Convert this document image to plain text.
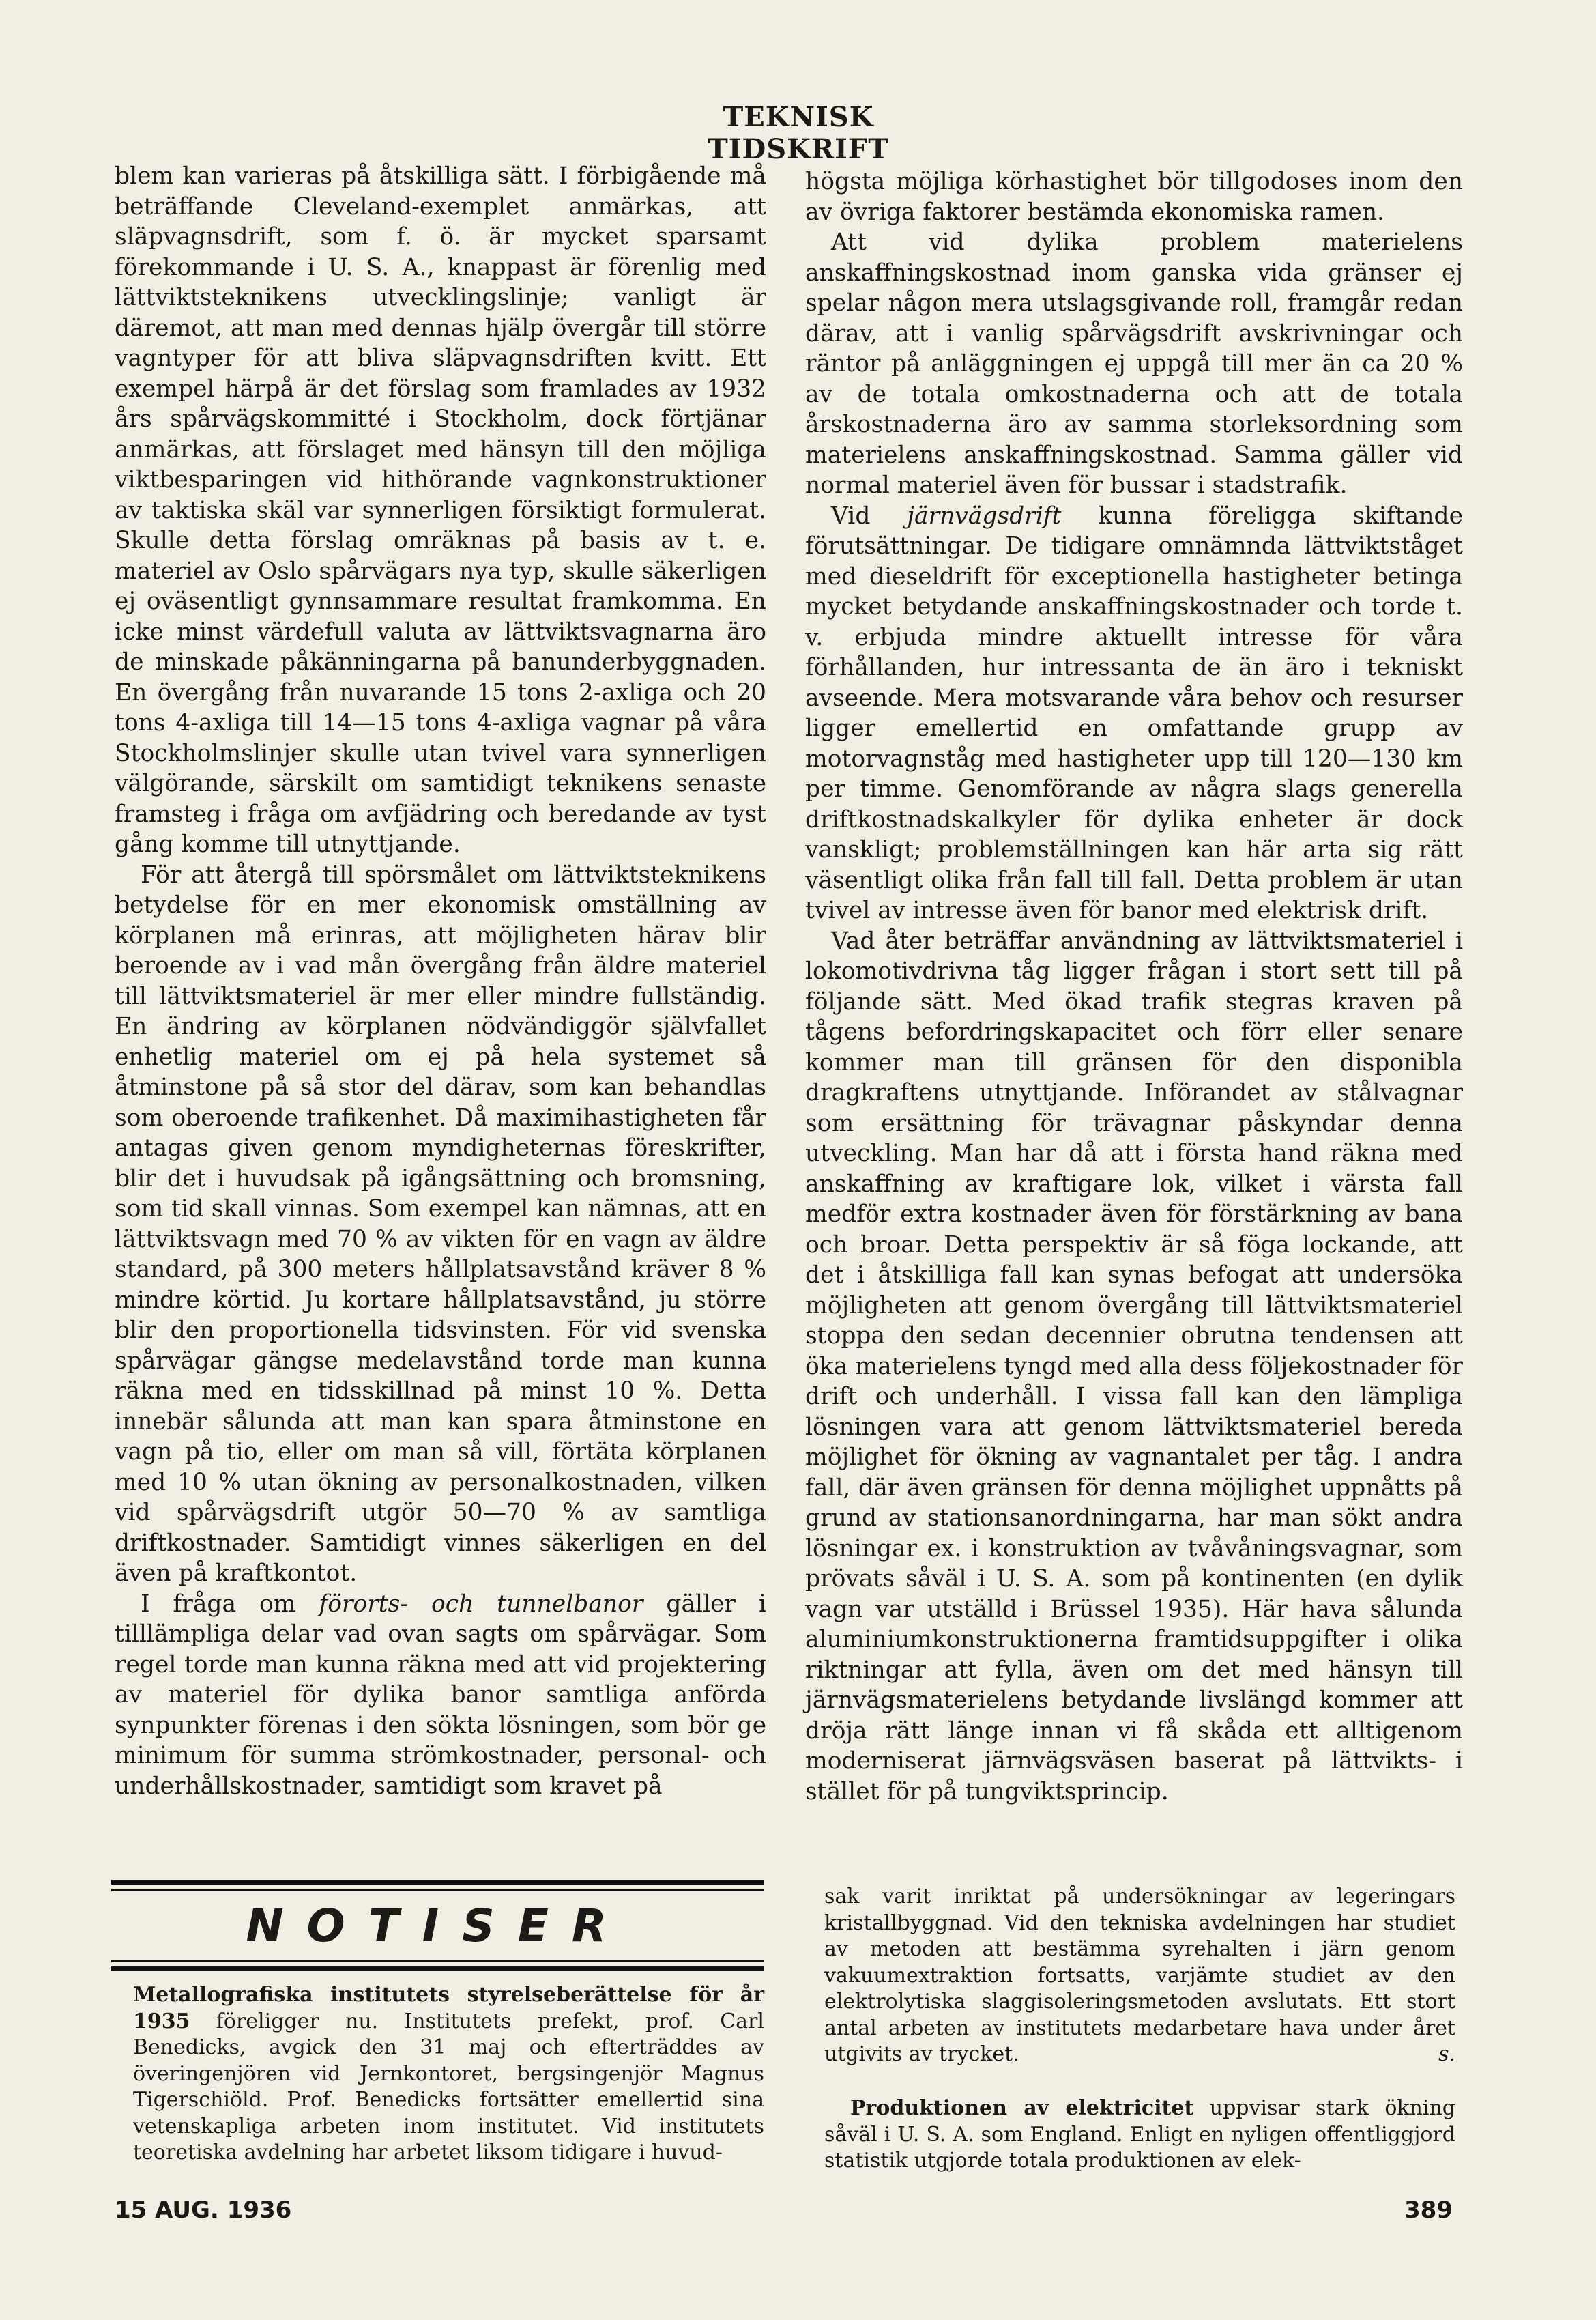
TEKNISK TIDSKRIFT

blem kan varieras på åtskilliga sätt. I förbigående må beträffande Cleveland-exemplet anmärkas, att släpvagnsdrift, som f. ö. är mycket sparsamt förekommande i U. S. A., knappast är förenlig med lättviktsteknikens utvecklingslinje; vanligt är däremot, att man med dennas hjälp övergår till större vagntyper för att bliva släpvagnsdriften kvitt. Ett exempel härpå är det förslag som framlades av 1932 års spårvägskommitté i Stockholm, dock förtjänar anmärkas, att förslaget med hänsyn till den möjliga viktbesparingen vid hithörande vagnkonstruktioner av taktiska skäl var synnerligen försiktigt formulerat. Skulle detta förslag omräknas på basis av t. e. materiel av Oslo spårvägars nya typ, skulle säkerligen ej oväsentligt gynnsammare resultat framkomma. En icke minst värdefull valuta av lättviktsvagnarna äro de minskade påkänningarna på banunderbyggnaden. En övergång från nuvarande 15 tons 2-axliga och 20 tons 4-axliga till 14—15 tons 4-axliga vagnar på våra Stockholmslinjer skulle utan tvivel vara synnerligen välgörande, särskilt om samtidigt teknikens senaste framsteg i fråga om avfjädring och beredande av tyst gång komme till utnyttjande.

För att återgå till spörsmålet om lättviktsteknikens betydelse för en mer ekonomisk omställning av körplanen må erinras, att möjligheten härav blir beroende av i vad mån övergång från äldre materiel till lättviktsmateriel är mer eller mindre fullständig. En ändring av körplanen nödvändiggör självfallet enhetlig materiel om ej på hela systemet så åtminstone på så stor del därav, som kan behandlas som oberoende trafikenhet. Då maximihastigheten får antagas given genom myndigheternas föreskrifter, blir det i huvudsak på igångsättning och bromsning, som tid skall vinnas. Som exempel kan nämnas, att en lättviktsvagn med 70 % av vikten för en vagn av äldre standard, på 300 meters hållplatsavstånd kräver 8 % mindre körtid. Ju kortare hållplatsavstånd, ju större blir den proportionella tidsvinsten. För vid svenska spårvägar gängse medelavstånd torde man kunna räkna med en tidsskillnad på minst 10 %. Detta innebär sålunda att man kan spara åtminstone en vagn på tio, eller om man så vill, förtäta körplanen med 10 % utan ökning av personalkostnaden, vilken vid spårvägsdrift utgör 50—70 % av samtliga driftkostnader. Samtidigt vinnes säkerligen en del även på kraftkontot.

I fråga om förorts- och tunnelbanor gäller i tilllämpliga delar vad ovan sagts om spårvägar. Som regel torde man kunna räkna med att vid projektering av materiel för dylika banor samtliga anförda synpunkter förenas i den sökta lösningen, som bör ge minimum för summa strömkostnader, personal- och underhållskostnader, samtidigt som kravet på

högsta möjliga körhastighet bör tillgodoses inom den av övriga faktorer bestämda ekonomiska ramen.

Att vid dylika problem materielens anskaffningskostnad inom ganska vida gränser ej spelar någon mera utslagsgivande roll, framgår redan därav, att i vanlig spårvägsdrift avskrivningar och räntor på anläggningen ej uppgå till mer än ca 20 % av de totala omkostnaderna och att de totala årskostnaderna äro av samma storleksordning som materielens anskaffningskostnad. Samma gäller vid normal materiel även för bussar i stadstrafik.

Vid järnvägsdrift kunna föreligga skiftande förutsättningar. De tidigare omnämnda lättviktståget med dieseldrift för exceptionella hastigheter betinga mycket betydande anskaffningskostnader och torde t. v. erbjuda mindre aktuellt intresse för våra förhållanden, hur intressanta de än äro i tekniskt avseende. Mera motsvarande våra behov och resurser ligger emellertid en omfattande grupp av motorvagnståg med hastigheter upp till 120—130 km per timme. Genomförande av några slags generella driftkostnadskalkyler för dylika enheter är dock vanskligt; problemställningen kan här arta sig rätt väsentligt olika från fall till fall. Detta problem är utan tvivel av intresse även för banor med elektrisk drift.

Vad åter beträffar användning av lättviktsmateriel i lokomotivdrivna tåg ligger frågan i stort sett till på följande sätt. Med ökad trafik stegras kraven på tågens befordringskapacitet och förr eller senare kommer man till gränsen för den disponibla dragkraftens utnyttjande. Införandet av stålvagnar som ersättning för trävagnar påskyndar denna utveckling. Man har då att i första hand räkna med anskaffning av kraftigare lok, vilket i värsta fall medför extra kostnader även för förstärkning av bana och broar. Detta perspektiv är så föga lockande, att det i åtskilliga fall kan synas befogat att undersöka möjligheten att genom övergång till lättviktsmateriel stoppa den sedan decennier obrutna tendensen att öka materielens tyngd med alla dess följekostnader för drift och underhåll. I vissa fall kan den lämpliga lösningen vara att genom lättviktsmateriel bereda möjlighet för ökning av vagnantalet per tåg. I andra fall, där även gränsen för denna möjlighet uppnåtts på grund av stationsanordningarna, har man sökt andra lösningar ex. i konstruktion av tvåvåningsvagnar, som prövats såväl i U. S. A. som på kontinenten (en dylik vagn var utställd i Brüssel 1935). Här hava sålunda aluminiumkonstruktionerna framtidsuppgifter i olika riktningar att fylla, även om det med hänsyn till järnvägsmaterielens betydande livslängd kommer att dröja rätt länge innan vi få skåda ett alltigenom moderniserat järnvägsväsen baserat på lättvikts- i stället för på tungviktsprincip.

NOTISER

Metallografiska institutets styrelseberättelse för år 1935 föreligger nu. Institutets prefekt, prof. Carl Benedicks, avgick den 31 maj och efterträddes av överingenjören vid Jernkontoret, bergsingenjör Magnus Tigerschiöld. Prof. Benedicks fortsätter emellertid sina vetenskapliga arbeten inom institutet. Vid institutets teoretiska avdelning har arbetet liksom tidigare i huvud-

sak varit inriktat på undersökningar av legeringars kristallbyggnad. Vid den tekniska avdelningen har studiet av metoden att bestämma syrehalten i järn genom vakuumextraktion fortsatts, varjämte studiet av den elektrolytiska slaggisoleringsmetoden avslutats. Ett stort antal arbeten av institutets medarbetare hava under året utgivits av trycket.	s.

Produktionen av elektricitet uppvisar stark ökning såväl i U. S. A. som England. Enligt en nyligen offentliggjord statistik utgjorde totala produktionen av elek-

15 AUG. 1936	389
